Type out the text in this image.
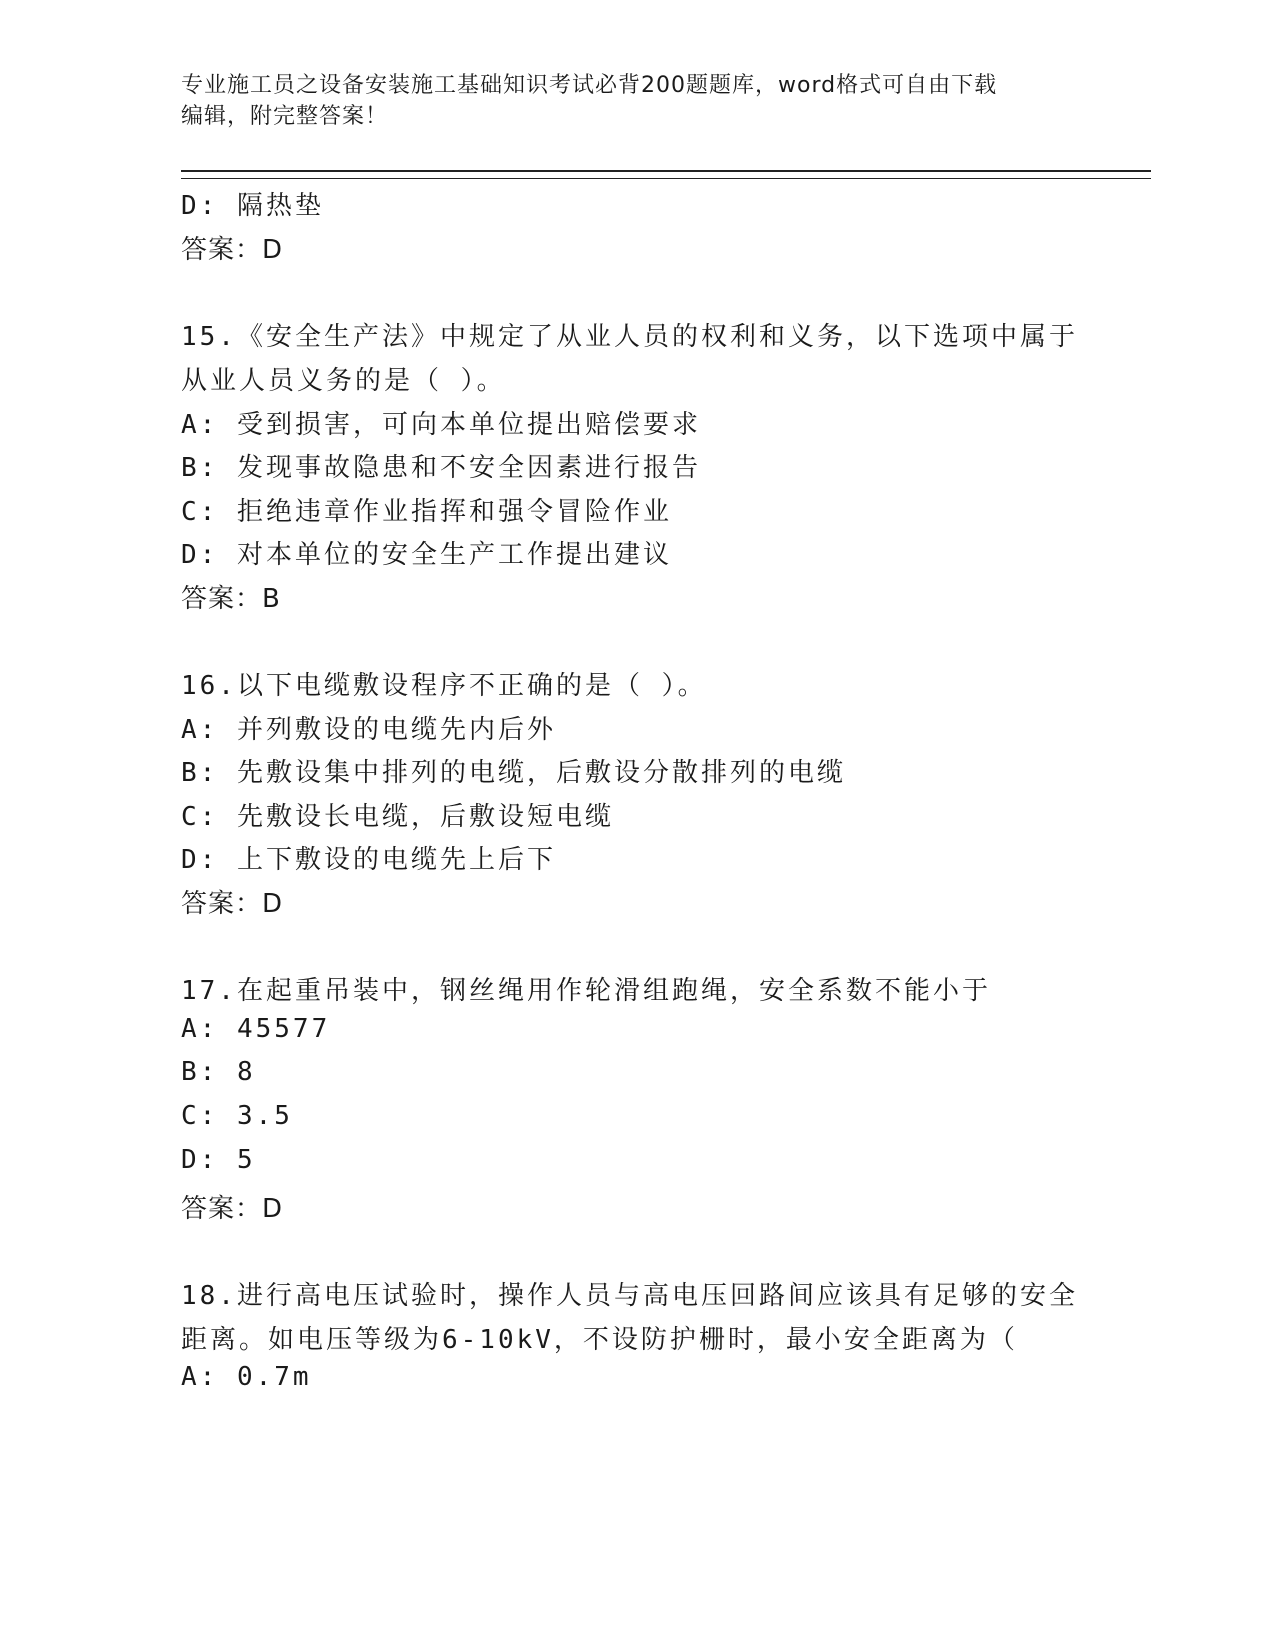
专业施工员之设备安装施工基础知识考试必背200题题库，word格式可自由下载
编辑，附完整答案！
D: 隔热垫
答案：D
15.《安全生产法》中规定了从业人员的权利和义务，以下选项中属于
从业人员义务的是（ ）。
A: 受到损害，可向本单位提出赔偿要求
B: 发现事故隐患和不安全因素进行报告
C: 拒绝违章作业指挥和强令冒险作业
D: 对本单位的安全生产工作提出建议
答案：B
16.以下电缆敷设程序不正确的是（ ）。
A: 并列敷设的电缆先内后外
B: 先敷设集中排列的电缆，后敷设分散排列的电缆
C: 先敷设长电缆，后敷设短电缆
D: 上下敷设的电缆先上后下
答案：D
17.在起重吊装中，钢丝绳用作轮滑组跑绳，安全系数不能小于
A: 45577
B: 8
C: 3.5
D: 5
答案：D
18.进行高电压试验时，操作人员与高电压回路间应该具有足够的安全
距离。如电压等级为6-10kV，不设防护栅时，最小安全距离为（
A: 0.7m
